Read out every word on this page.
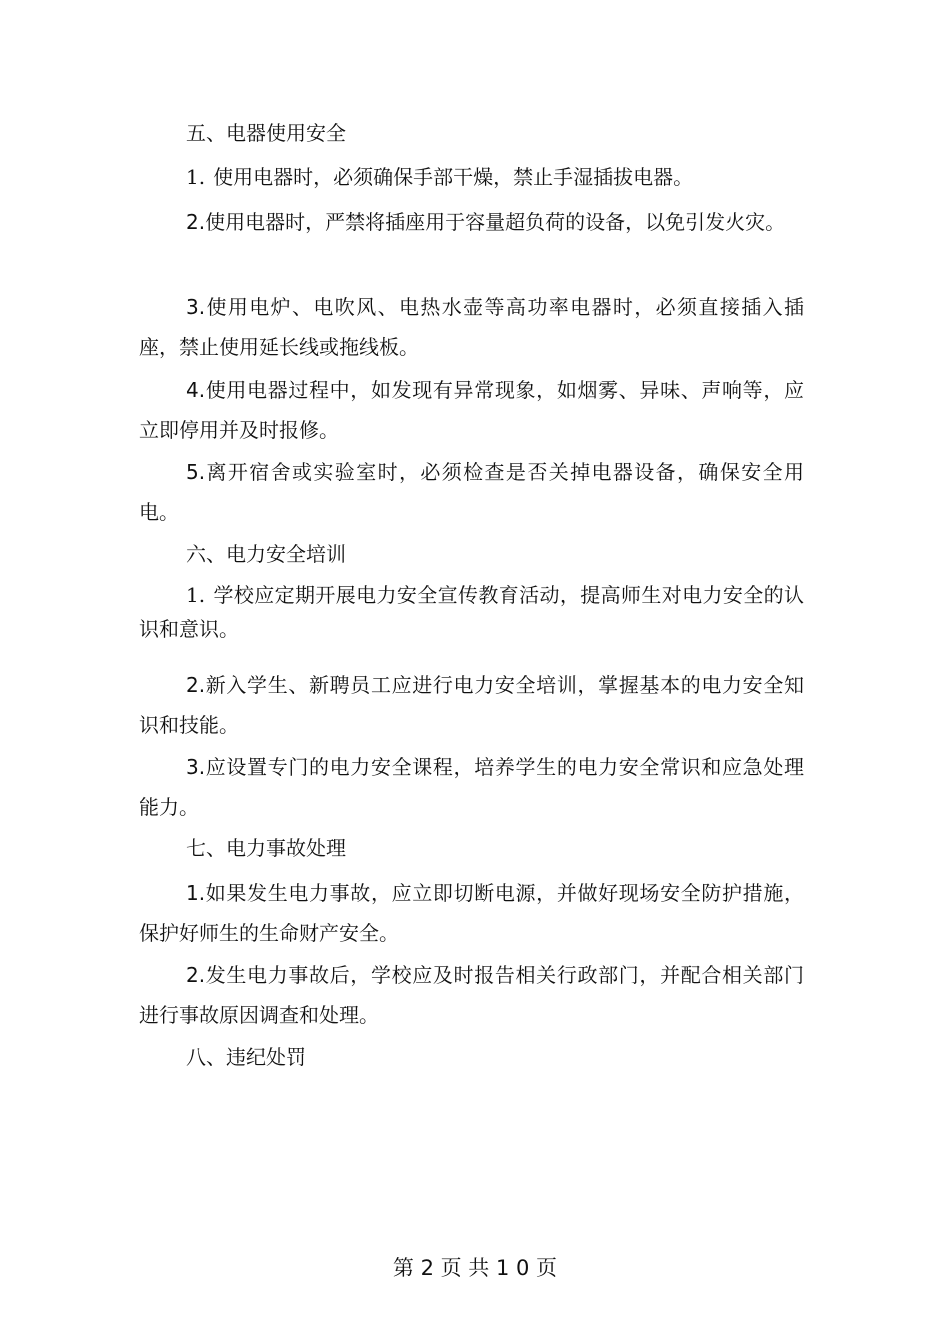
五、电器使用安全

1. 使用电器时，必须确保手部干燥，禁止手湿插拔电器。

2.使用电器时，严禁将插座用于容量超负荷的设备，以免引发火灾。

3.使用电炉、电吹风、电热水壶等高功率电器时，必须直接插入插座，禁止使用延长线或拖线板。

4.使用电器过程中，如发现有异常现象，如烟雾、异味、声响等，应立即停用并及时报修。

5.离开宿舍或实验室时，必须检查是否关掉电器设备，确保安全用电。

六、电力安全培训

1. 学校应定期开展电力安全宣传教育活动，提高师生对电力安全的认识和意识。

2.新入学生、新聘员工应进行电力安全培训，掌握基本的电力安全知识和技能。

3.应设置专门的电力安全课程，培养学生的电力安全常识和应急处理能力。

七、电力事故处理

1.如果发生电力事故，应立即切断电源，并做好现场安全防护措施，保护好师生的生命财产安全。

2.发生电力事故后，学校应及时报告相关行政部门，并配合相关部门进行事故原因调查和处理。

八、违纪处罚

第 2 页 共 1 0 页
